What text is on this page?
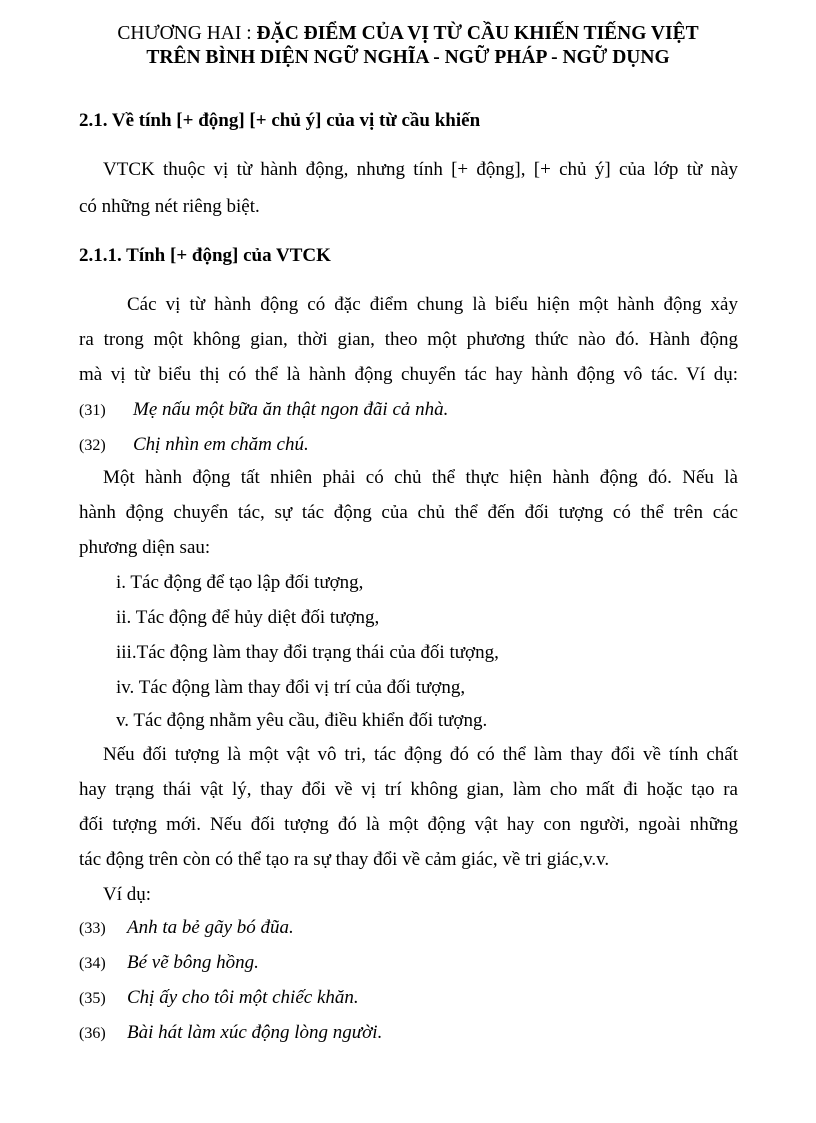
CHƯƠNG HAI : ĐẶC ĐIỂM CỦA VỊ TỪ CẦU KHIẾN TIẾNG VIỆT
TRÊN BÌNH DIỆN NGỮ NGHĨA - NGỮ PHÁP - NGỮ DỤNG
2.1. Về tính [+ động] [+ chủ ý] của vị từ cầu khiến
VTCK thuộc vị từ hành động, nhưng tính [+ động], [+ chủ ý] của lớp từ này
có những nét riêng biệt.
2.1.1. Tính [+ động] của VTCK
Các vị từ hành động có đặc điểm chung là biểu hiện một hành động xảy
ra trong một không gian, thời gian, theo một phương thức nào đó. Hành động
mà vị từ biểu thị có thể là hành động chuyển tác hay hành động vô tác. Ví dụ:
(31) Mẹ nấu một bữa ăn thật ngon đãi cả nhà.
(32) Chị nhìn em chăm chú.
Một hành động tất nhiên phải có chủ thể thực hiện hành động đó. Nếu là
hành động chuyển tác, sự tác động của chủ thể đến đối tượng có thể trên các
phương diện sau:
i. Tác động để tạo lập đối tượng,
ii. Tác động để hủy diệt đối tượng,
iii.Tác động làm thay đổi trạng thái của đối tượng,
iv. Tác động làm thay đổi vị trí của đối tượng,
v. Tác động nhằm yêu cầu, điều khiển đối tượng.
Nếu đối tượng là một vật vô tri, tác động đó có thể làm thay đổi về tính chất
hay trạng thái vật lý, thay đổi về vị trí không gian, làm cho mất đi hoặc tạo ra
đối tượng mới. Nếu đối tượng đó là một động vật hay con người, ngoài những
tác động trên còn có thể tạo ra sự thay đổi về cảm giác, về tri giác,v.v.
Ví dụ:
(33) Anh ta bẻ gãy bó đũa.
(34) Bé vẽ bông hồng.
(35) Chị ấy cho tôi một chiếc khăn.
(36) Bài hát làm xúc động lòng người.
